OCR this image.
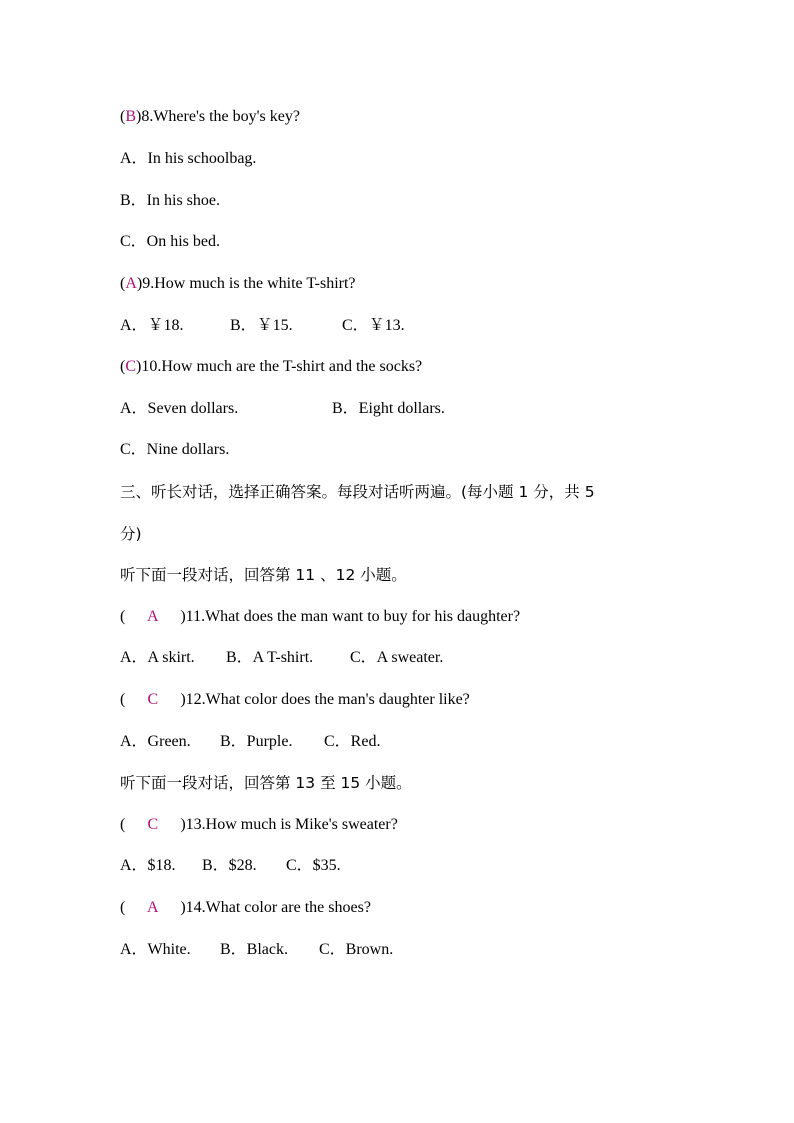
(B)8.Where's the boy's key?
A．In his schoolbag.
B．In his shoe.
C．On his bed.
(A)9.How much is the white T-shirt?
A．￥18.	B．￥15.	C．￥13.
(C)10.How much are the T-shirt and the socks?
A．Seven dollars.	B．Eight dollars.
C．Nine dollars.
三、听长对话，选择正确答案。每段对话听两遍。(每小题 1 分，共 5
分)
听下面一段对话，回答第 11 、12 小题。
( A )11.What does the man want to buy for his daughter?
A．A skirt. B．A T-shirt. C．A sweater.
( C )12.What color does the man's daughter like?
A．Green. B．Purple. C．Red.
听下面一段对话，回答第 13 至 15 小题。
( C )13.How much is Mike's sweater?
A．$18. B．$28. C．$35.
( A )14.What color are the shoes?
A．White. B．Black. C．Brown.
